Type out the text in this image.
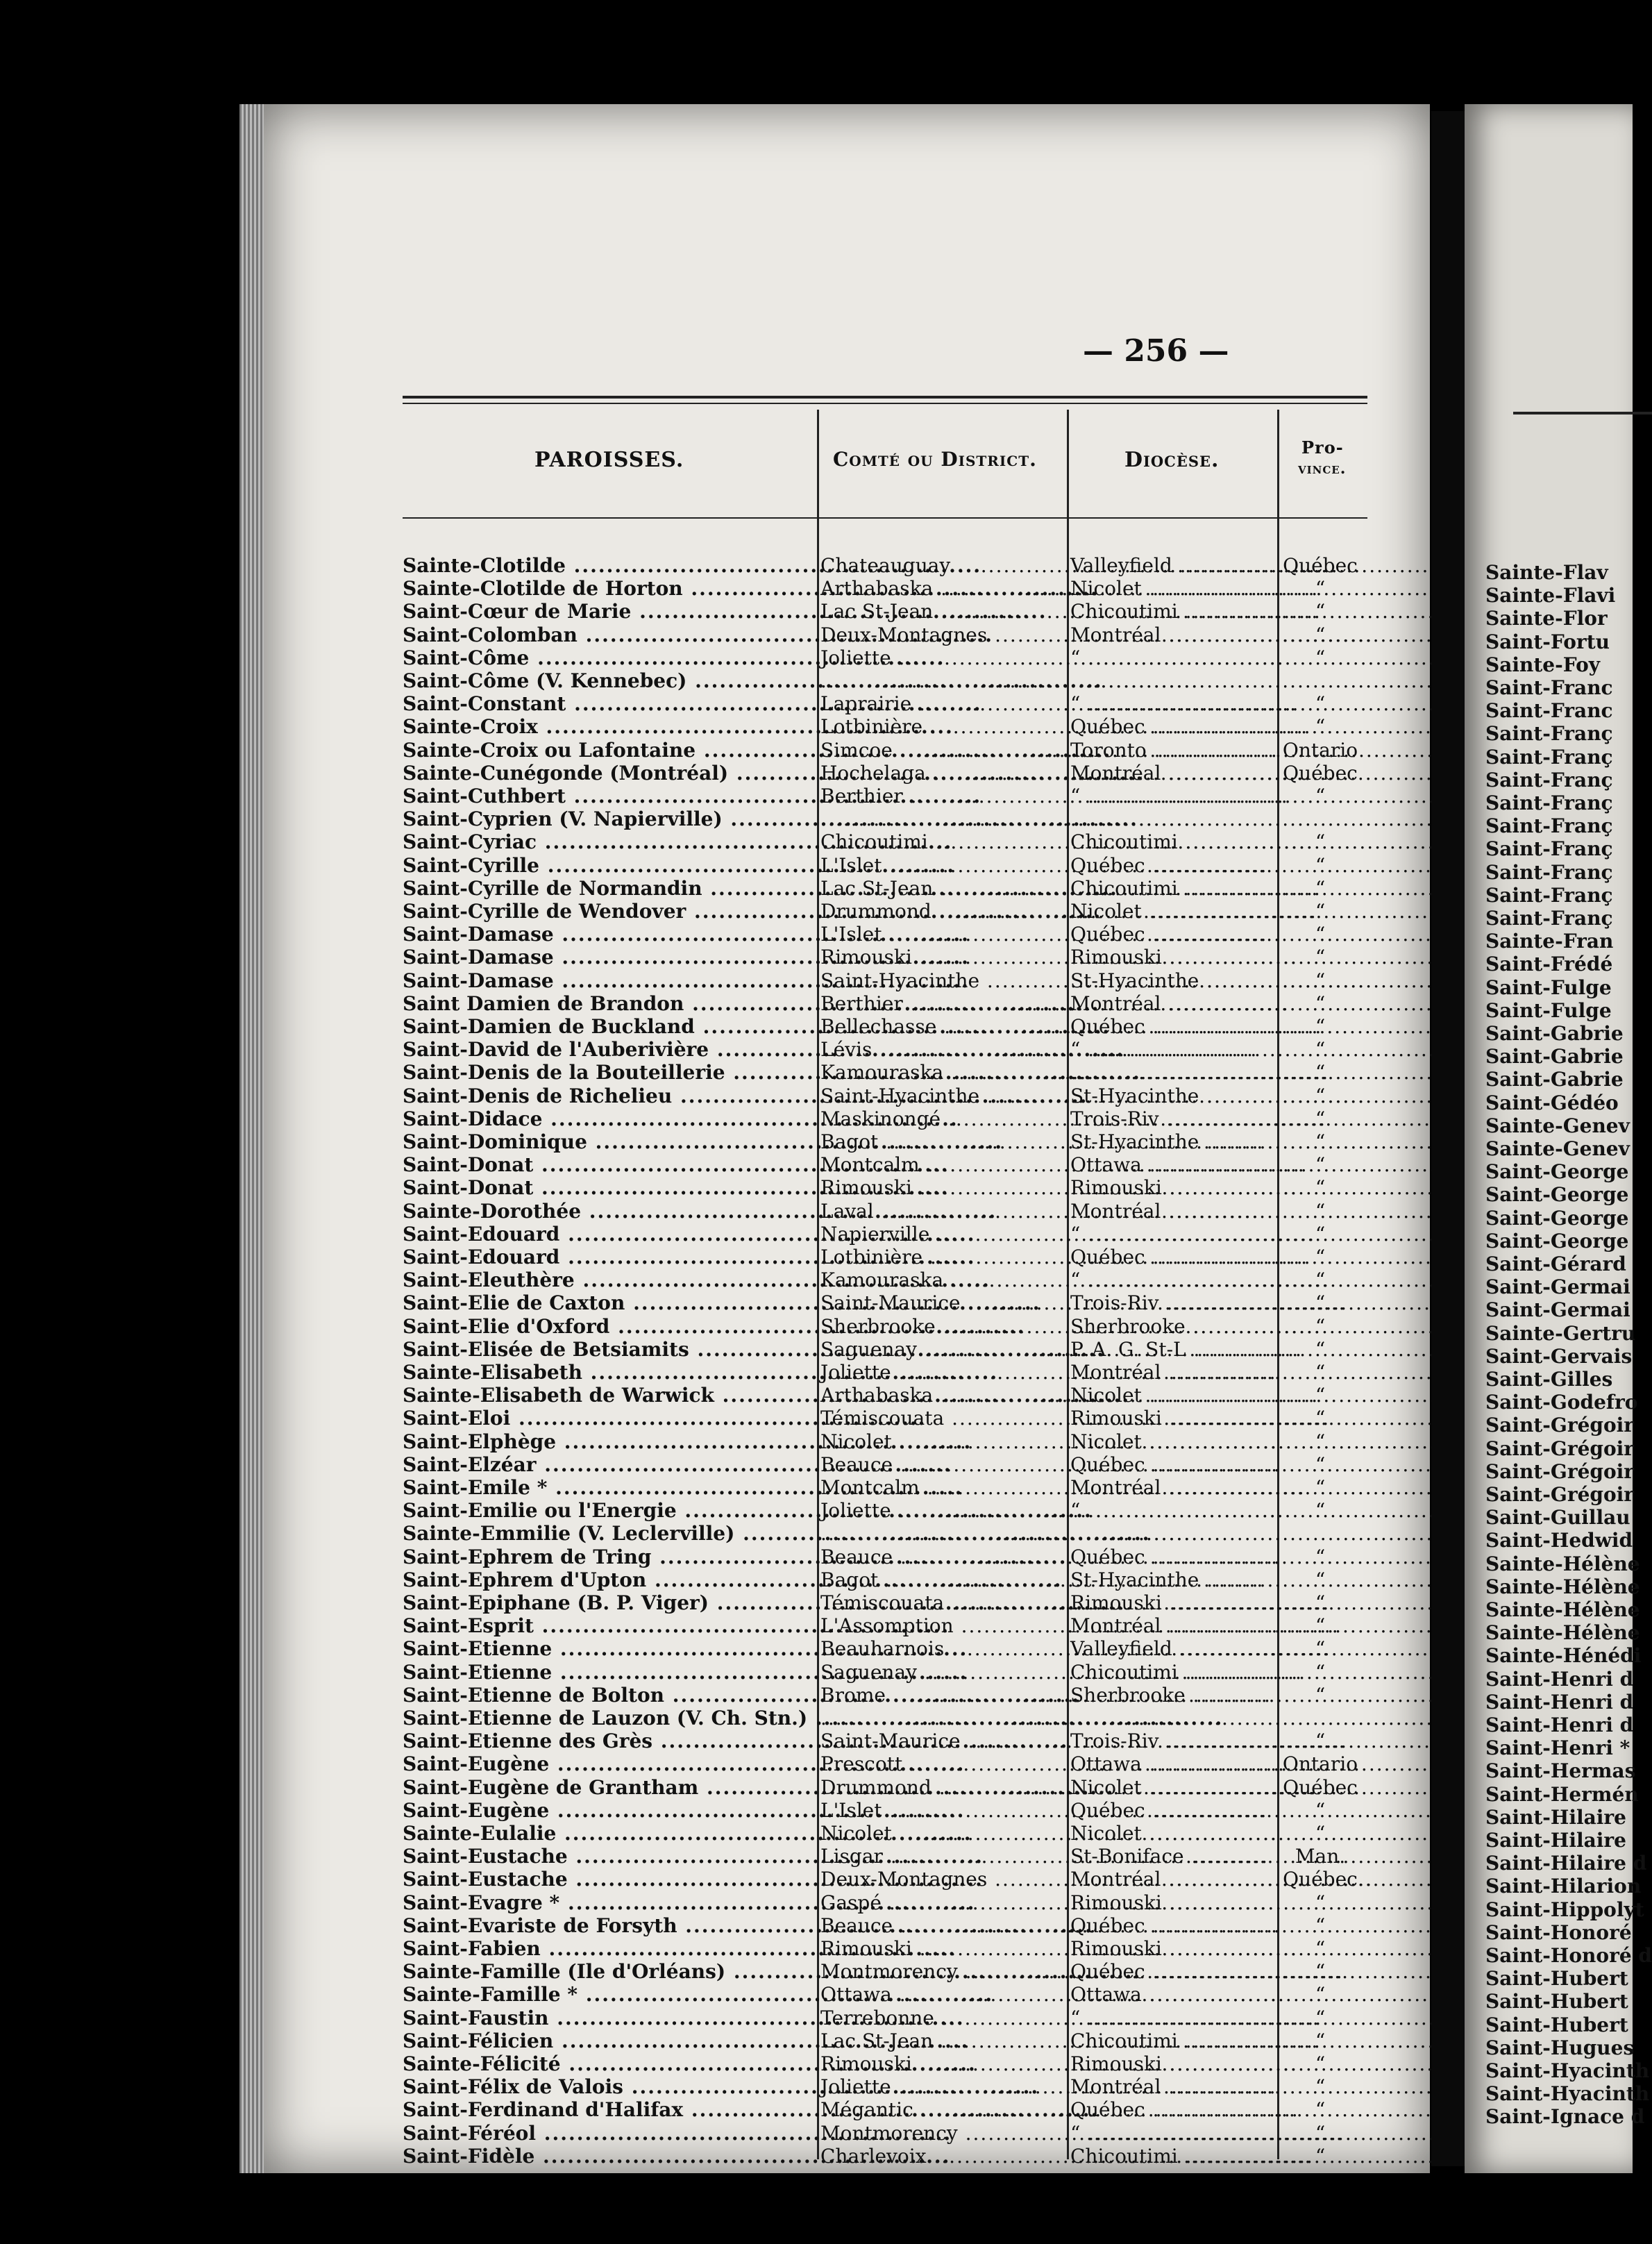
— 256 —
PAROISSES.	Comté ou District.	Diocèse.
Pro-
vince.
Sainte-Clotilde .....	Chateauguay .....	Valleyfield .....	Québec
Sainte-Clotilde de Horton .....	Arthabaska .....	Nicolet .....	“
Saint-Cœur de Marie .....	Lac St-Jean .....	Chicoutimi .....	“
Saint-Colomban .....	Deux-Montagnes .....	Montréal .....	“
Saint-Côme .....	Joliette .....	“ .....	“
Saint-Côme (V. Kennebec) .....
.....
.....
Saint-Constant .....	Laprairie .....	“ .....	“
Sainte-Croix .....	Lotbinière .....	Québec .....	“
Sainte-Croix ou Lafontaine .....	Simcoe .....	Toronto .....	Ontario
Sainte-Cunégonde (Montréal) .....	Hochelaga .....	Montréal .....	Québec
Saint-Cuthbert .....	Berthier .....	“ .....	“
Saint-Cyprien (V. Napierville) .....
.....
.....
Saint-Cyriac .....	Chicoutimi .....	Chicoutimi .....	“
Saint-Cyrille .....	L'Islet .....	Québec .....	“
Saint-Cyrille de Normandin .....	Lac St-Jean .....	Chicoutimi .....	“
Saint-Cyrille de Wendover .....	Drummond .....	Nicolet .....	“
Saint-Damase .....	L'Islet .....	Québec .....	“
Saint-Damase .....	Rimouski .....	Rimouski .....	“
Saint-Damase .....	Saint-Hyacinthe .....	St-Hyacinthe .....	“
Saint Damien de Brandon .....	Berthier .....	Montréal .....	“
Saint-Damien de Buckland .....	Bellechasse .....	Québec .....	“
Saint-David de l'Auberivière .....	Lévis .....	“ .....	“
Saint-Denis de la Bouteillerie .....	Kamouraska .....
.....	“
Saint-Denis de Richelieu .....	Saint-Hyacinthe .....	St-Hyacinthe .....	“
Saint-Didace .....	Maskinongé .....	Trois-Riv .....	“
Saint-Dominique .....	Bagot .....	St-Hyacinthe .....	“
Saint-Donat .....	Montcalm .....	Ottawa .....	“
Saint-Donat .....	Rimouski .....	Rimouski .....	“
Sainte-Dorothée .....	Laval .....	Montréal .....	“
Saint-Edouard .....	Napierville .....	“ .....	“
Saint-Edouard .....	Lotbinière .....	Québec .....	“
Saint-Eleuthère .....	Kamouraska .....	“ .....	“
Saint-Elie de Caxton .....	Saint-Maurice .....	Trois-Riv .....	“
Saint-Elie d'Oxford .....	Sherbrooke .....	Sherbrooke .....	“
Saint-Elisée de Betsiamits .....	Saguenay .....	P. A. G. St-L .....	“
Sainte-Elisabeth .....	Joliette .....	Montréal .....	“
Sainte-Elisabeth de Warwick .....	Arthabaska .....	Nicolet .....	“
Saint-Eloi .....	Témiscouata .....	Rimouski .....	“
Saint-Elphège .....	Nicolet .....	Nicolet .....	“
Saint-Elzéar .....	Beauce .....	Québec .....	“
Saint-Emile * .....	Montcalm .....	Montréal .....	“
Saint-Emilie ou l'Energie .....	Joliette .....	“ .....	“
Sainte-Emmilie (V. Leclerville) .....
.....
.....
Saint-Ephrem de Tring .....	Beauce .....	Québec .....	“
Saint-Ephrem d'Upton .....	Bagot .....	St-Hyacinthe .....	“
Saint-Epiphane (B. P. Viger) .....	Témiscouata .....	Rimouski .....	“
Saint-Esprit .....	L'Assomption .....	Montréal .....	“
Saint-Etienne .....	Beauharnois .....	Valleyfield .....	“
Saint-Etienne .....	Saguenay .....	Chicoutimi .....	“
Saint-Etienne de Bolton .....	Brome .....	Sherbrooke .....	“
Saint-Etienne de Lauzon (V. Ch. Stn.) .....
.....
.....
Saint-Etienne des Grès .....	Saint-Maurice .....	Trois-Riv .....	“
Saint-Eugène .....	Prescott .....	Ottawa .....	Ontario
Saint-Eugène de Grantham .....	Drummond .....	Nicolet .....	Québec
Saint-Eugène .....	L'Islet .....	Québec .....	“
Sainte-Eulalie .....	Nicolet .....	Nicolet .....	“
Saint-Eustache .....	Lisgar .....	St-Boniface .....	Man.
Saint-Eustache .....	Deux-Montagnes .....	Montréal .....	Québec
Saint-Evagre * .....	Gaspé .....	Rimouski .....	“
Saint-Evariste de Forsyth .....	Beauce .....	Québec .....	“
Saint-Fabien .....	Rimouski .....	Rimouski .....	“
Sainte-Famille (Ile d'Orléans) .....	Montmorency .....	Québec .....	“
Sainte-Famille * .....	Ottawa .....	Ottawa .....	“
Saint-Faustin .....	Terrebonne .....	“ .....	“
Saint-Félicien .....	Lac St-Jean .....	Chicoutimi .....	“
Sainte-Félicité .....	Rimouski .....	Rimouski .....	“
Saint-Félix de Valois .....	Joliette .....	Montréal .....	“
Saint-Ferdinand d'Halifax .....	Mégantic .....	Québec .....	“
Saint-Féréol .....	Montmorency .....	“ .....	“
Saint-Fidèle .....	Charlevoix .....	Chicoutimi .....	“
Sainte-Flav
Sainte-Flavi
Sainte-Flor
Saint-Fortu
Sainte-Foy
Saint-Franc
Saint-Franc
Saint-Franç
Saint-Franç
Saint-Franç
Saint-Franç
Saint-Franç
Saint-Franç
Saint-Franç
Saint-Franç
Saint-Franç
Sainte-Fran
Saint-Frédé
Saint-Fulge
Saint-Fulge
Saint-Gabrie
Saint-Gabrie
Saint-Gabrie
Saint-Gédéo
Sainte-Genev
Sainte-Genev
Saint-George
Saint-George
Saint-George
Saint-George
Saint-Gérard
Saint-Germai
Saint-Germai
Sainte-Gertru
Saint-Gervais
Saint-Gilles
Saint-Godefro
Saint-Grégoir
Saint-Grégoir
Saint-Grégoir
Saint-Grégoir
Saint-Guillau
Saint-Hedwid
Sainte-Hélène
Sainte-Hélène
Sainte-Hélène
Sainte-Hélène
Sainte-Hénédi
Saint-Henri d
Saint-Henri d
Saint-Henri d
Saint-Henri *
Saint-Hermas
Saint-Hermén
Saint-Hilaire
Saint-Hilaire
Saint-Hilaire d
Saint-Hilarion
Saint-Hippolyt
Saint-Honoré
Saint-Honoré d
Saint-Hubert
Saint-Hubert
Saint-Hubert
Saint-Hugues
Saint-Hyacinth
Saint-Hyacinth
Saint-Ignace d
